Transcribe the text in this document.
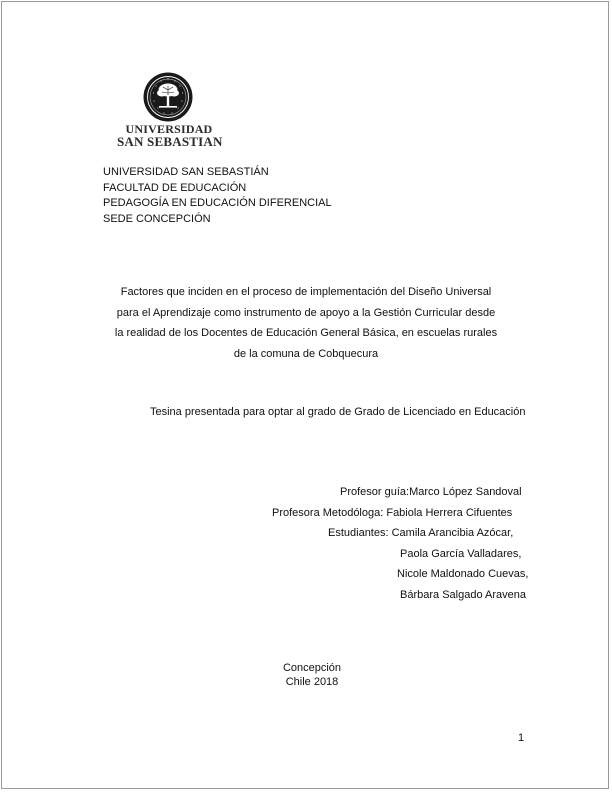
UNIVERSIDAD
SAN SEBASTIAN
UNIVERSIDAD SAN SEBASTIÁN
FACULTAD DE EDUCACIÓN
PEDAGOGÍA EN EDUCACIÓN DIFERENCIAL
SEDE CONCEPCIÓN
Factores que inciden en el proceso de implementación del Diseño Universal
para el Aprendizaje como instrumento de apoyo a la Gestión Curricular desde
la realidad de los Docentes de Educación General Básica, en escuelas rurales
de la comuna de Cobquecura
Tesina presentada para optar al grado de Grado de Licenciado en Educación
Profesor guía:Marco López Sandoval
Profesora Metodóloga: Fabiola Herrera Cifuentes
Estudiantes: Camila Arancibia Azócar,
Paola García Valladares,
Nicole Maldonado Cuevas,
Bárbara Salgado Aravena
Concepción
Chile 2018
1
